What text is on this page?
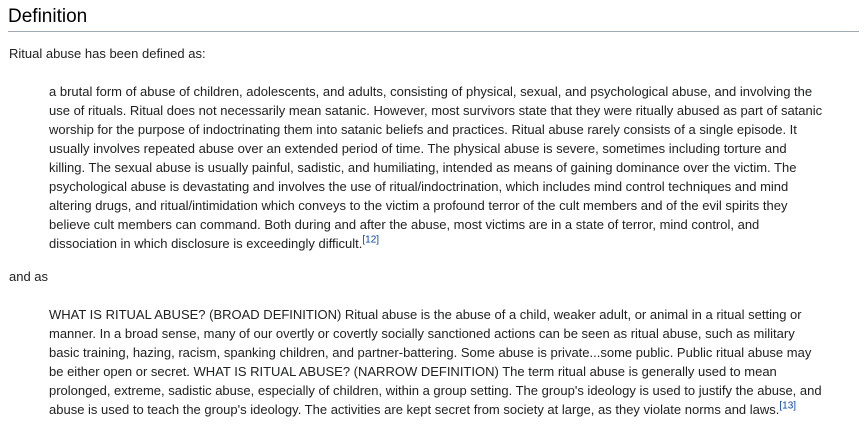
Definition

Ritual abuse has been defined as:

a brutal form of abuse of children, adolescents, and adults, consisting of physical, sexual, and psychological abuse, and involving the use of rituals. Ritual does not necessarily mean satanic. However, most survivors state that they were ritually abused as part of satanic worship for the purpose of indoctrinating them into satanic beliefs and practices. Ritual abuse rarely consists of a single episode. It usually involves repeated abuse over an extended period of time. The physical abuse is severe, sometimes including torture and killing. The sexual abuse is usually painful, sadistic, and humiliating, intended as means of gaining dominance over the victim. The psychological abuse is devastating and involves the use of ritual/indoctrination, which includes mind control techniques and mind altering drugs, and ritual/intimidation which conveys to the victim a profound terror of the cult members and of the evil spirits they believe cult members can command. Both during and after the abuse, most victims are in a state of terror, mind control, and dissociation in which disclosure is exceedingly difficult.[12]

and as

WHAT IS RITUAL ABUSE? (BROAD DEFINITION) Ritual abuse is the abuse of a child, weaker adult, or animal in a ritual setting or manner. In a broad sense, many of our overtly or covertly socially sanctioned actions can be seen as ritual abuse, such as military basic training, hazing, racism, spanking children, and partner-battering. Some abuse is private...some public. Public ritual abuse may be either open or secret. WHAT IS RITUAL ABUSE? (NARROW DEFINITION) The term ritual abuse is generally used to mean prolonged, extreme, sadistic abuse, especially of children, within a group setting. The group's ideology is used to justify the abuse, and abuse is used to teach the group's ideology. The activities are kept secret from society at large, as they violate norms and laws.[13]
